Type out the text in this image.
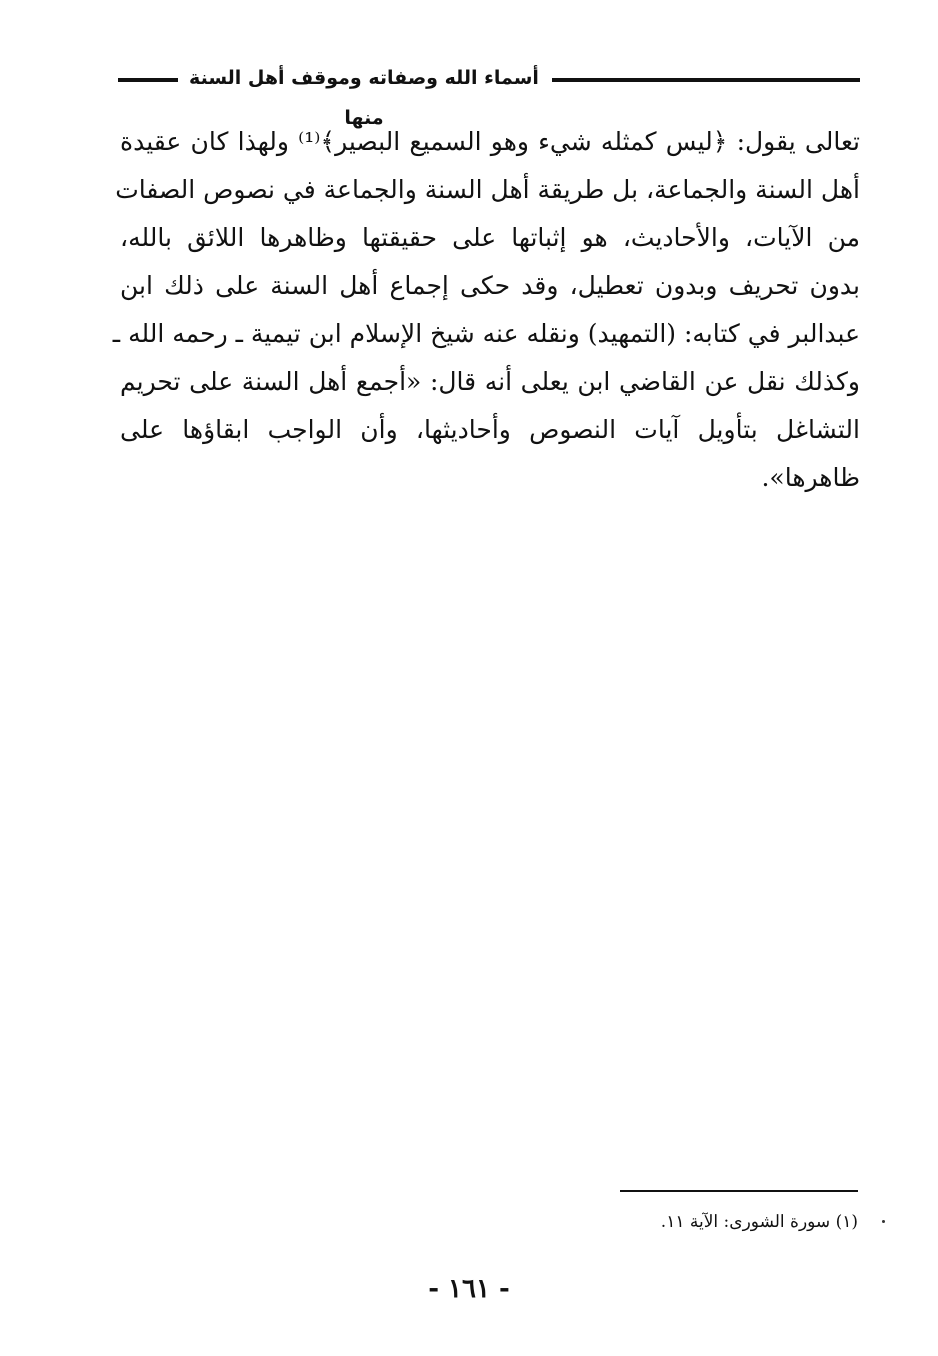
أسماء الله وصفاته وموقف أهل السنة منها
تعالى يقول: ﴿ليس كمثله شيء وهو السميع البصير﴾⁽¹⁾ ولهذا كان عقيدة
أهل السنة والجماعة، بل طريقة أهل السنة والجماعة في نصوص الصفات
من الآيات، والأحاديث، هو إثباتها على حقيقتها وظاهرها اللائق بالله،
بدون تحريف وبدون تعطيل، وقد حكى إجماع أهل السنة على ذلك ابن
عبدالبر في كتابه: (التمهيد) ونقله عنه شيخ الإسلام ابن تيمية ـ رحمه الله ـ
وكذلك نقل عن القاضي ابن يعلى أنه قال: «أجمع أهل السنة على تحريم
التشاغل بتأويل آيات النصوص وأحاديثها، وأن الواجب ابقاؤها على
ظاهرها».
(١) سورة الشورى: الآية ١١.
- ١٦١ -
